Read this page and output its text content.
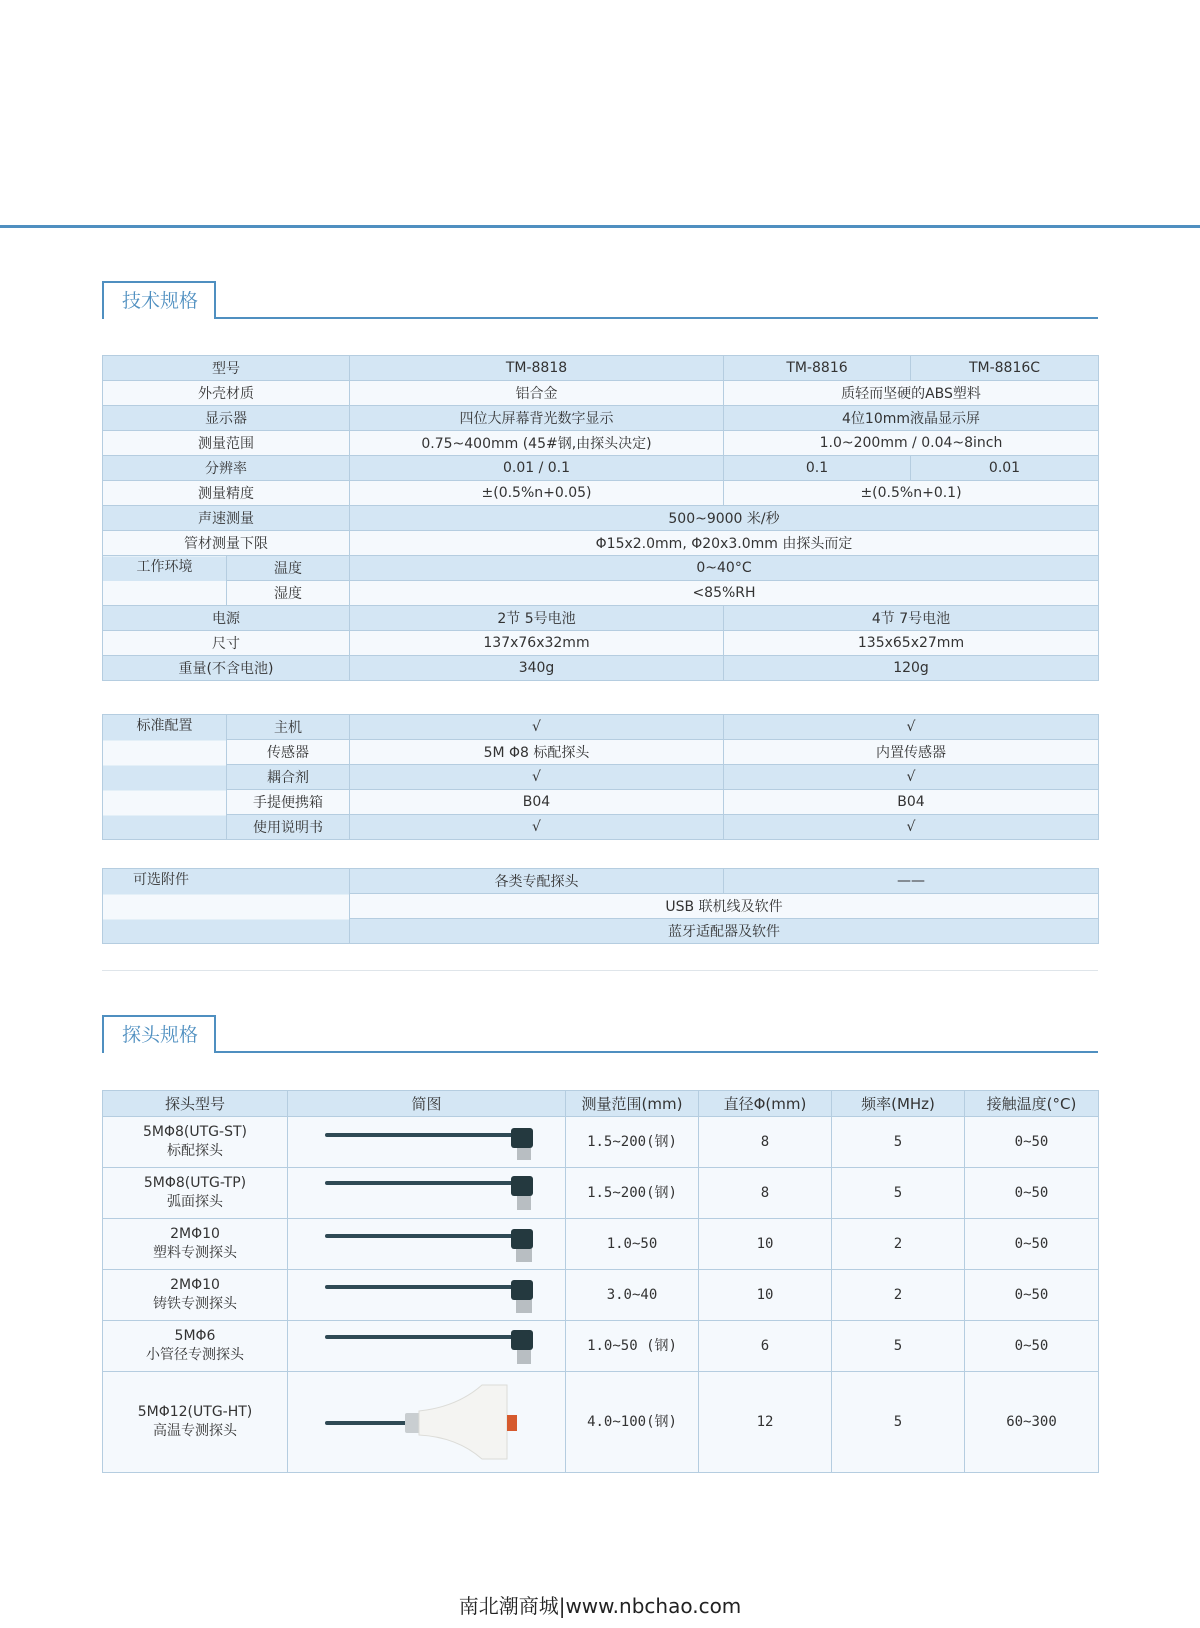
技术规格
型号		TM-8818	TM-8816	TM-8816C
外壳材质		铝合金	质轻而坚硬的ABS塑料	
显示器		四位大屏幕背光数字显示	4位10mm液晶显示屏	
测量范围		0.75~400mm (45#钢,由探头决定)	1.0~200mm / 0.04~8inch	
分辨率		0.01 / 0.1	0.1	0.01
测量精度		±(0.5%n+0.05)	±(0.5%n+0.1)	
声速测量		500~9000 米/秒		
管材测量下限		Φ15x2.0mm, Φ20x3.0mm 由探头而定		
工作环境	温度	0~40°C		
	湿度	<85%RH		
电源		2节 5号电池	4节 7号电池	
尺寸		137x76x32mm	135x65x27mm	
重量(不含电池)		340g	120g	
标准配置	主机	√	√
	传感器	5M Φ8 标配探头	内置传感器
	耦合剂	√	√
	手提便携箱	B04	B04
	使用说明书	√	√
可选附件	各类专配探头	——
USB 联机线及软件
蓝牙适配器及软件
探头规格
探头型号	简图	测量范围(mm)	直径Φ(mm)	频率(MHz)	接触温度(°C)
5MΦ8(UTG-ST)
标配探头		1.5~200(钢)	8	5	0~50
5MΦ8(UTG-TP)
弧面探头		1.5~200(钢)	8	5	0~50
2MΦ10
塑料专测探头		1.0~50	10	2	0~50
2MΦ10
铸铁专测探头		3.0~40	10	2	0~50
5MΦ6
小管径专测探头		1.0~50 (钢)	6	5	0~50
5MΦ12(UTG-HT)
高温专测探头		4.0~100(钢)	12	5	60~300
南北潮商城|www.nbchao.com
